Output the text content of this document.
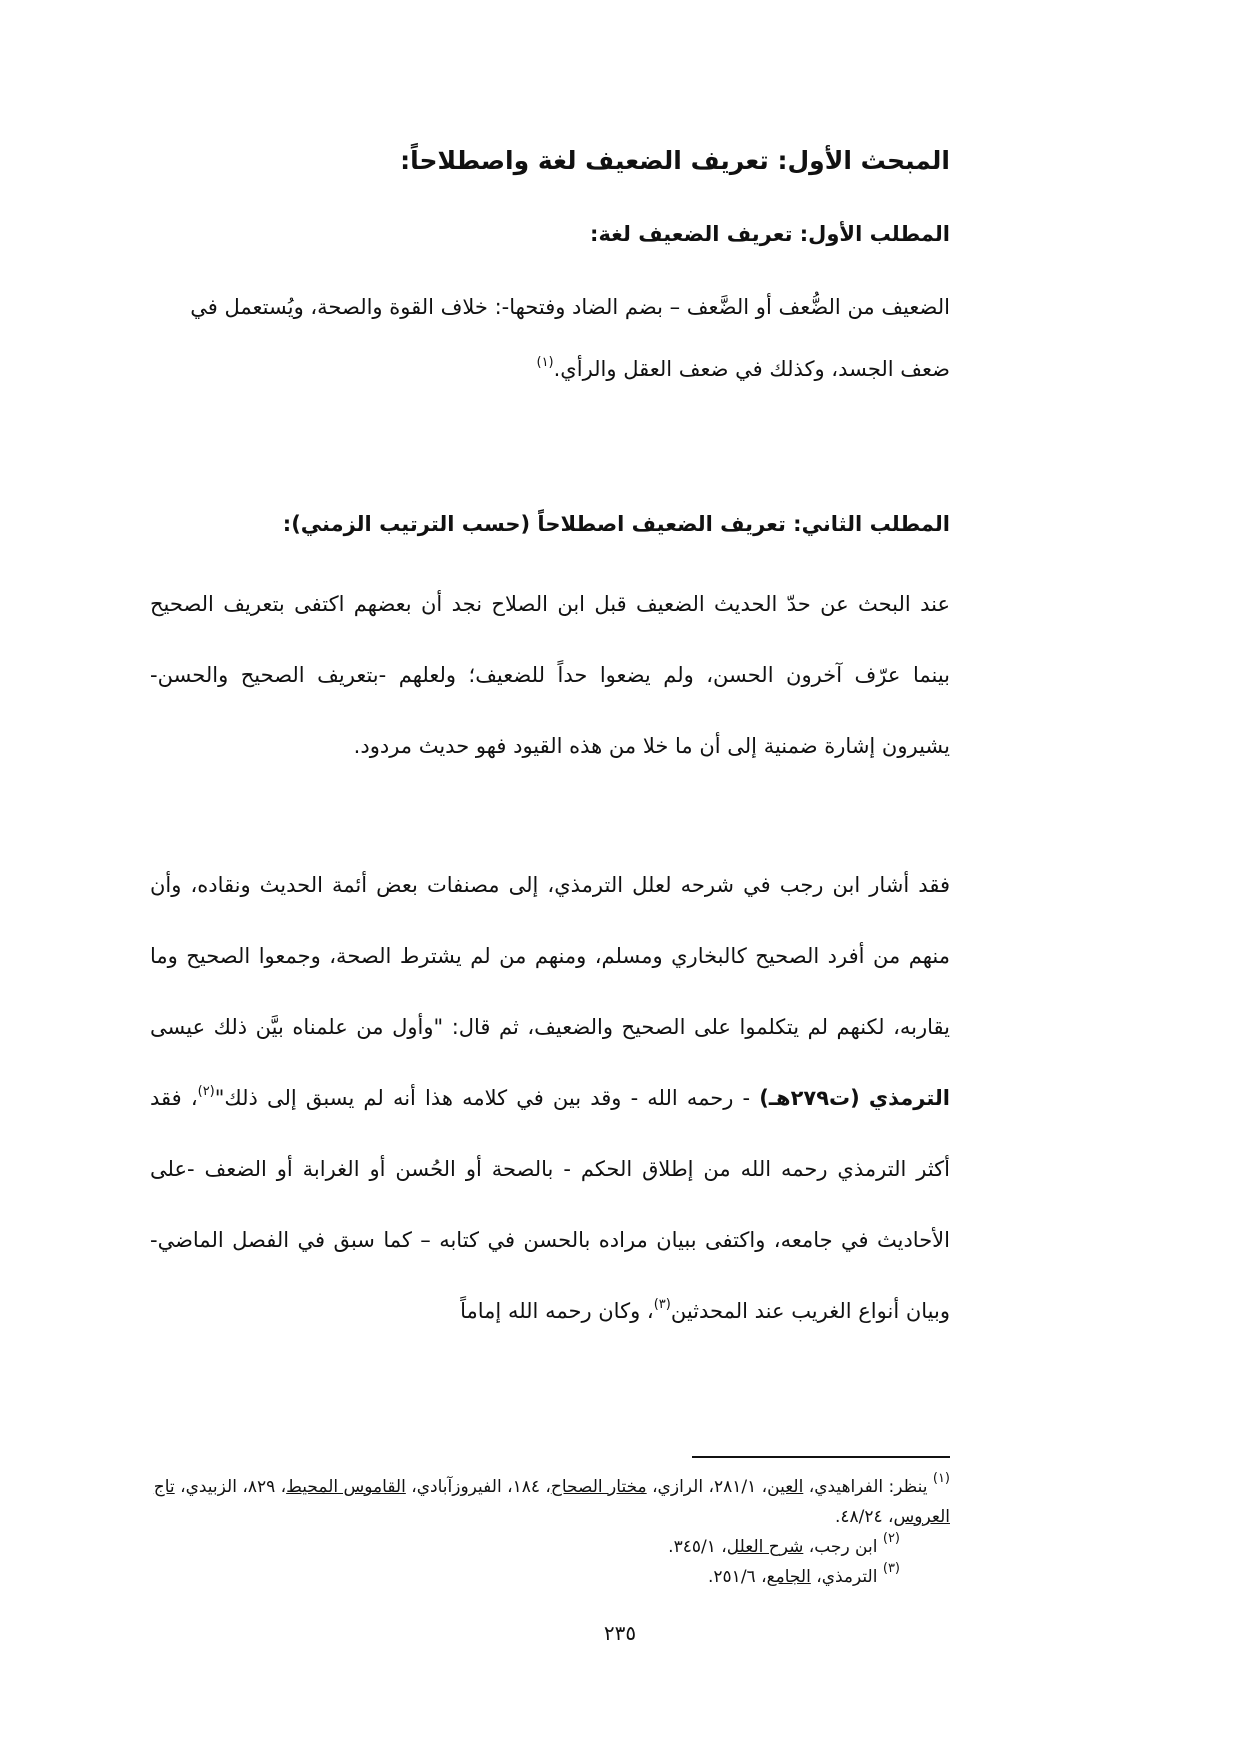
المبحث الأول: تعريف الضعيف لغة واصطلاحاً:
المطلب الأول: تعريف الضعيف لغة:
الضعيف من الضُّعف أو الضَّعف – بضم الضاد وفتحها-: خلاف القوة والصحة، ويُستعمل في ضعف الجسد، وكذلك في ضعف العقل والرأي.$^{(١)}$
المطلب الثاني: تعريف الضعيف اصطلاحاً (حسب الترتيب الزمني):
عند البحث عن حدّ الحديث الضعيف قبل ابن الصلاح نجد أن بعضهم اكتفى بتعريف الصحيح بينما عرّف آخرون الحسن، ولم يضعوا حداً للضعيف؛ ولعلهم -بتعريف الصحيح والحسن- يشيرون إشارة ضمنية إلى أن ما خلا من هذه القيود فهو حديث مردود.
فقد أشار ابن رجب في شرحه لعلل الترمذي، إلى مصنفات بعض أئمة الحديث ونقاده، وأن منهم من أفرد الصحيح كالبخاري ومسلم، ومنهم من لم يشترط الصحة، وجمعوا الصحيح وما يقاربه، لكنهم لم يتكلموا على الصحيح والضعيف، ثم قال: "وأول من علمناه بيَّن ذلك عيسى الترمذي (ت٢٧٩هـ) - رحمه الله - وقد بين في كلامه هذا أنه لم يسبق إلى ذلك"$^{(٢)}$، فقد أكثر الترمذي رحمه الله من إطلاق الحكم - بالصحة أو الحُسن أو الغرابة أو الضعف -على الأحاديث في جامعه، واكتفى ببيان مراده بالحسن في كتابه – كما سبق في الفصل الماضي- وبيان أنواع الغريب عند المحدثين$^{(٣)}$، وكان رحمه الله إماماً
$^{(١)}$ ينظر: الفراهيدي، العين، ٢٨١/١، الرازي، مختار الصحاح، ١٨٤، الفيروزآبادي، القاموس المحيط، ٨٢٩، الزبيدي، تاج العروس، ٤٨/٢٤.
$^{(٢)}$ ابن رجب، شرح العلل، ٣٤٥/١.
$^{(٣)}$ الترمذي، الجامع، ٢٥١/٦.
٢٣٥
